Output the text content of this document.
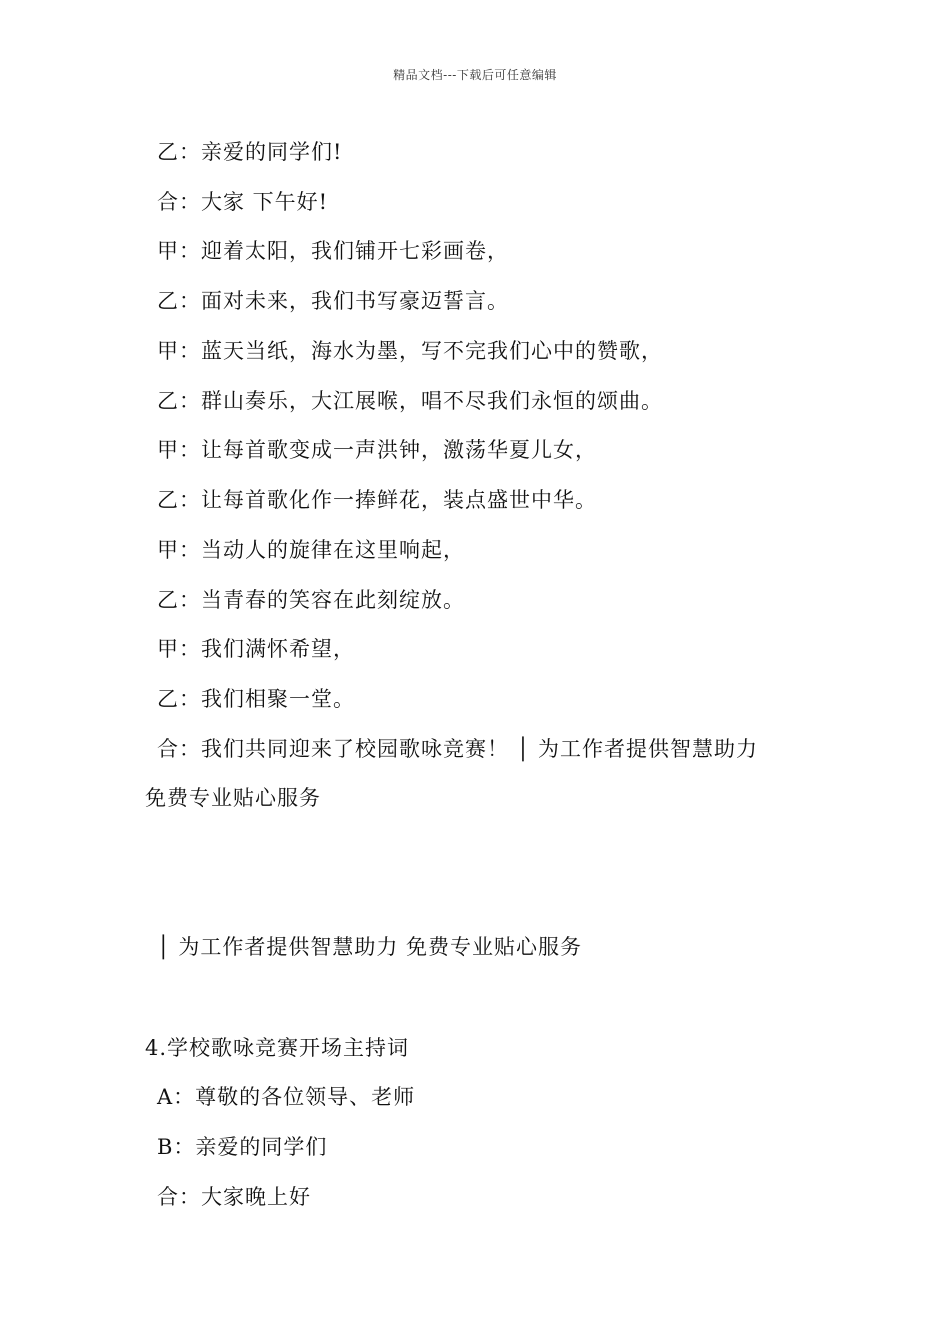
精品文档---下载后可任意编辑
乙：亲爱的同学们!
合：大家 下午好!
甲：迎着太阳，我们铺开七彩画卷，
乙：面对未来，我们书写豪迈誓言。
甲：蓝天当纸，海水为墨，写不完我们心中的赞歌，
乙：群山奏乐，大江展喉，唱不尽我们永恒的颂曲。
甲：让每首歌变成一声洪钟，激荡华夏儿女，
乙：让每首歌化作一捧鲜花，装点盛世中华。
甲：当动人的旋律在这里响起，
乙：当青春的笑容在此刻绽放。
甲：我们满怀希望，
乙：我们相聚一堂。
合：我们共同迎来了校园歌咏竞赛！ │ 为工作者提供智慧助力
免费专业贴心服务
│ 为工作者提供智慧助力 免费专业贴心服务
4.学校歌咏竞赛开场主持词
A：尊敬的各位领导、老师
B：亲爱的同学们
合：大家晚上好
